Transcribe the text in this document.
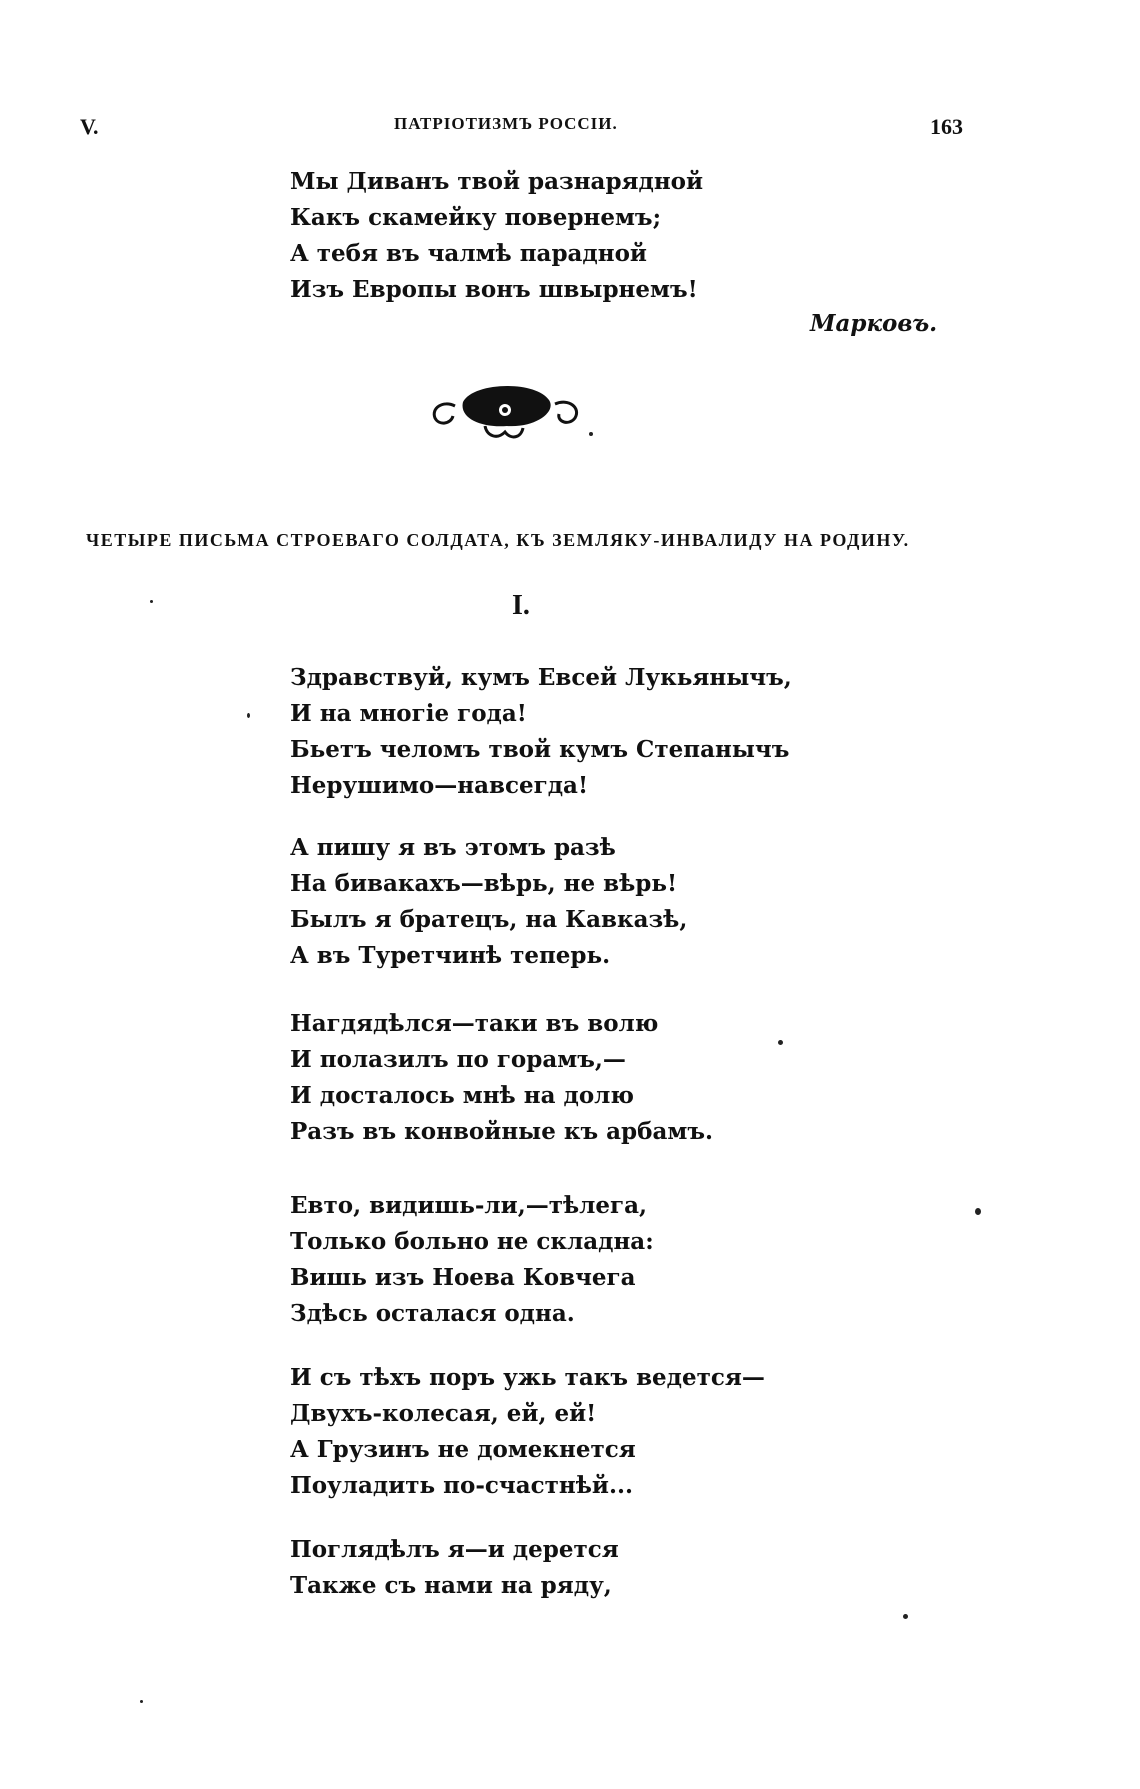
V.	ПАТРІОТИЗМЪ РОССІИ.	163
Мы Диванъ твой разнарядной
Какъ скамейку повернемъ;
А тебя въ чалмѣ парадной
Изъ Европы вонъ швырнемъ!
Марковъ.
ЧЕТЫРЕ ПИСЬМА СТРОЕВАГО СОЛДАТА, КЪ ЗЕМЛЯКУ-ИНВАЛИДУ НА РОДИНУ.
I.
Здравствуй, кумъ Евсей Лукьянычъ,
И на многіе года!
Бьетъ челомъ твой кумъ Степанычъ
Нерушимо—навсегда!
А пишу я въ этомъ разѣ
На бивакахъ—вѣрь, не вѣрь!
Былъ я братецъ, на Кавказѣ,
А въ Туретчинѣ теперь.
Нагдядѣлся—таки въ волю
И полазилъ по горамъ,—
И досталось мнѣ на долю
Разъ въ конвойные къ арбамъ.
Евто, видишь-ли,—тѣлега,
Только больно не складна:
Вишь изъ Ноева Ковчега
Здѣсь осталася одна.
И съ тѣхъ поръ ужь такъ ведется—
Двухъ-колесая, ей, ей!
А Грузинъ не домекнется
Поуладить по-счастнѣй...
Поглядѣлъ я—и дерется
Также съ нами на ряду,
